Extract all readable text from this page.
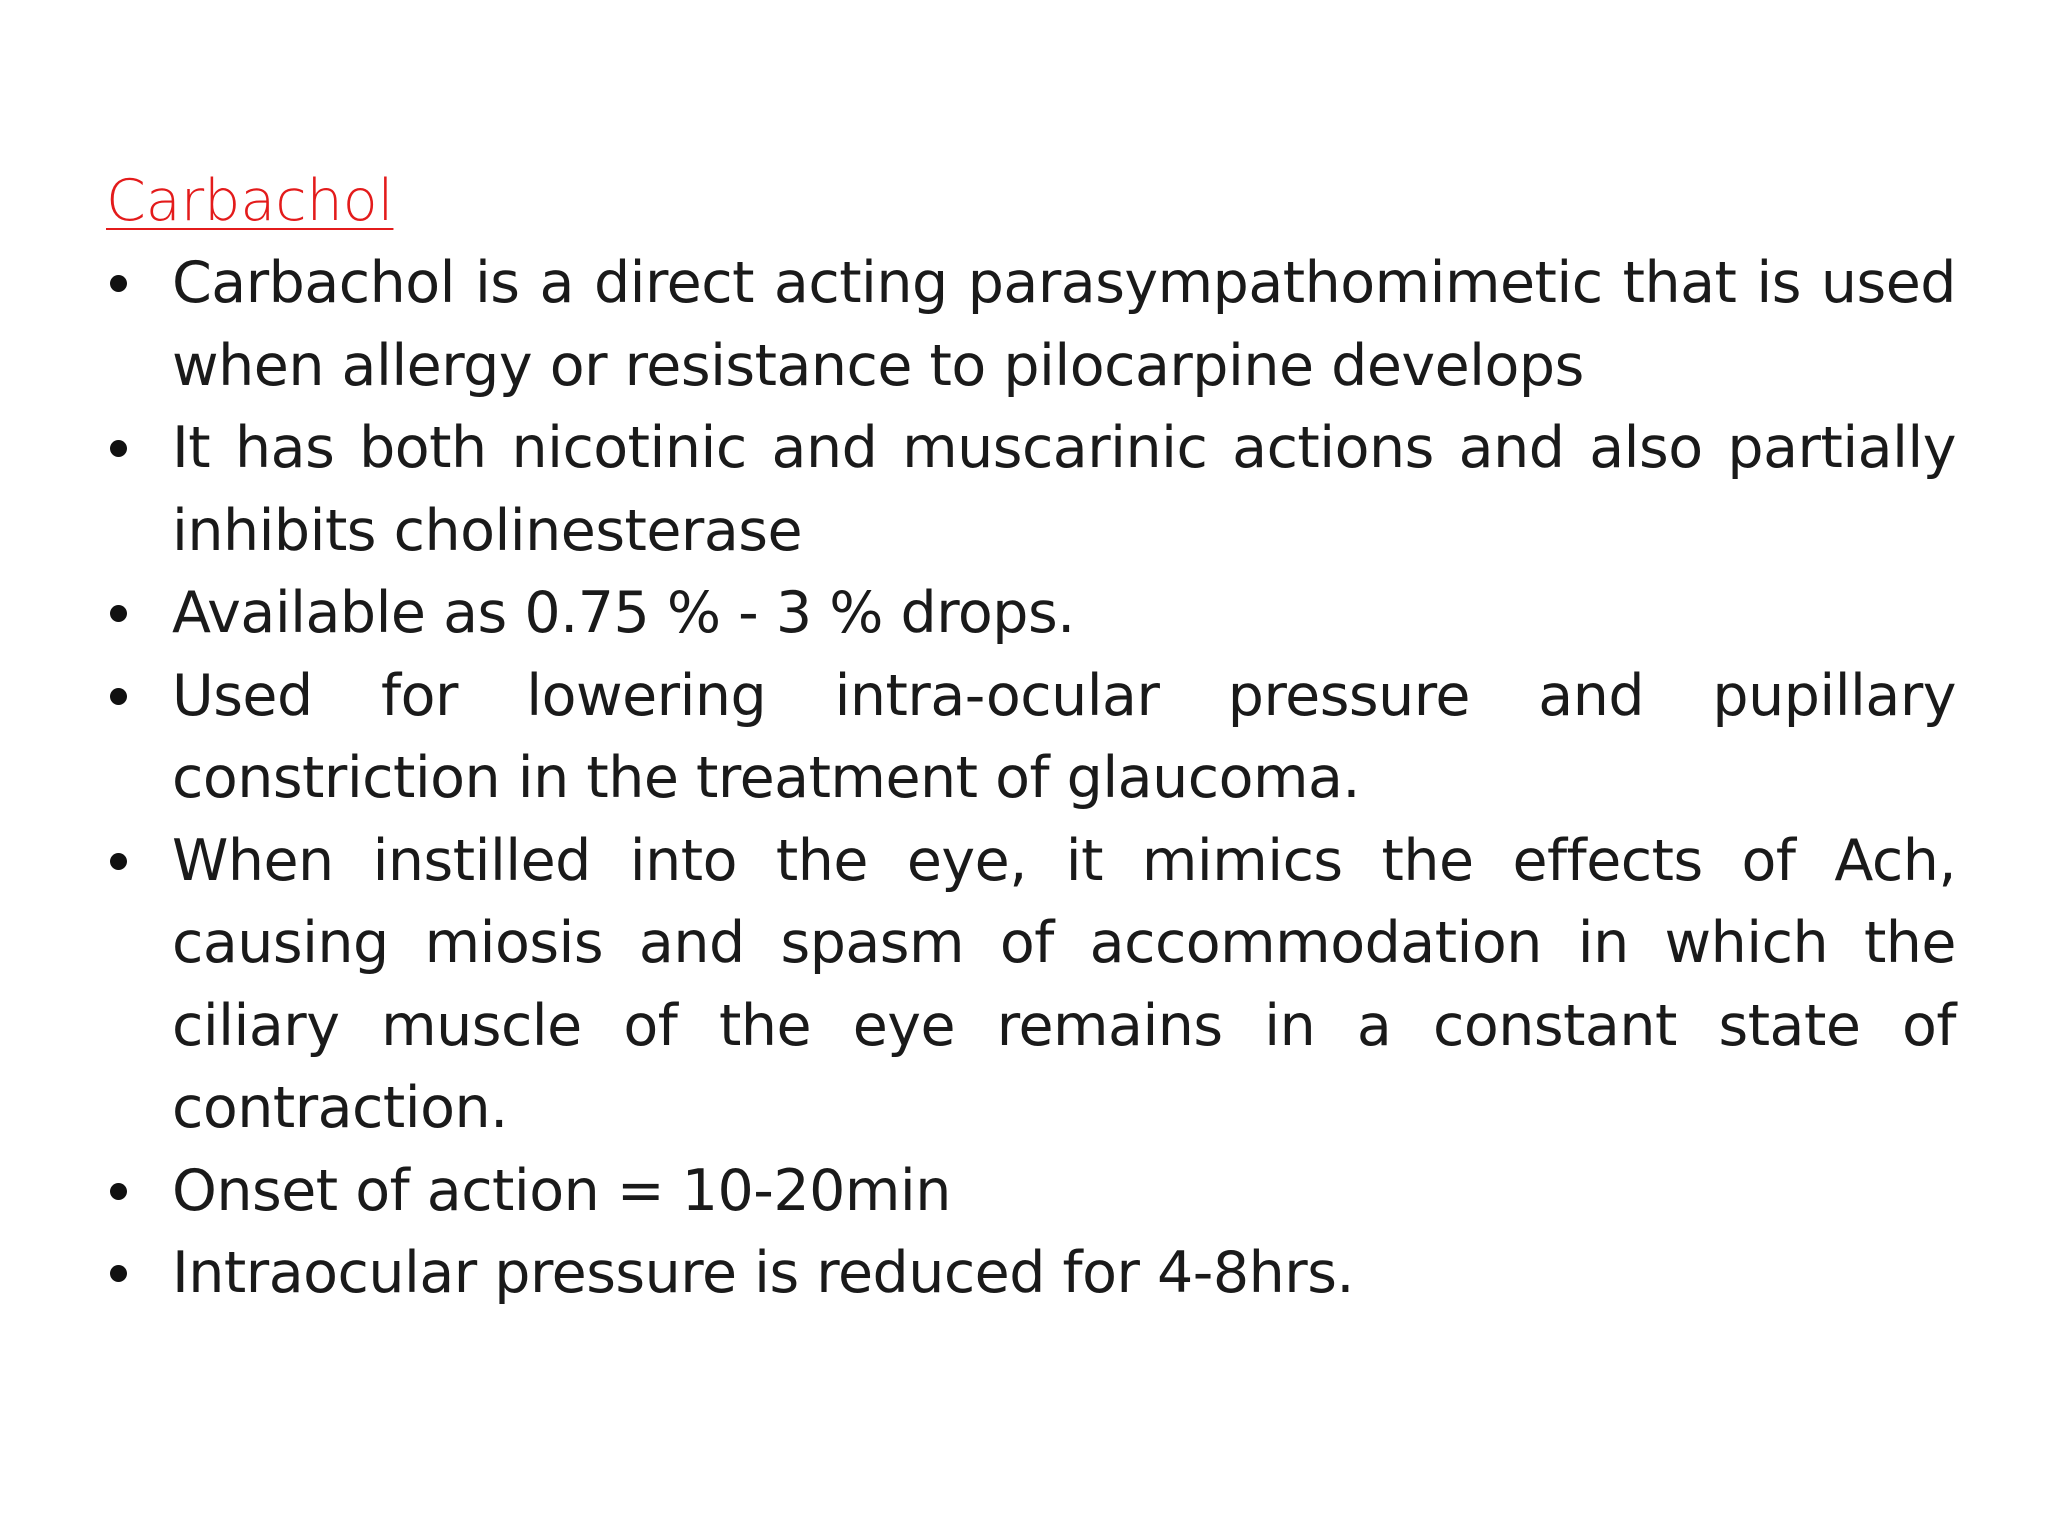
Carbachol
Carbachol is a direct acting parasympathomimetic that is used when allergy or resistance to pilocarpine develops
It has both nicotinic and muscarinic actions and also partially inhibits cholinesterase
Available as 0.75 % - 3 % drops.
Used for lowering intra-ocular pressure and pupillary constriction in the treatment of glaucoma.
When instilled into the eye, it mimics the effects of Ach, causing miosis and spasm of accommodation in which the ciliary muscle of the eye remains in a constant state of contraction.
Onset of action = 10-20min
Intraocular pressure is reduced for 4-8hrs.
